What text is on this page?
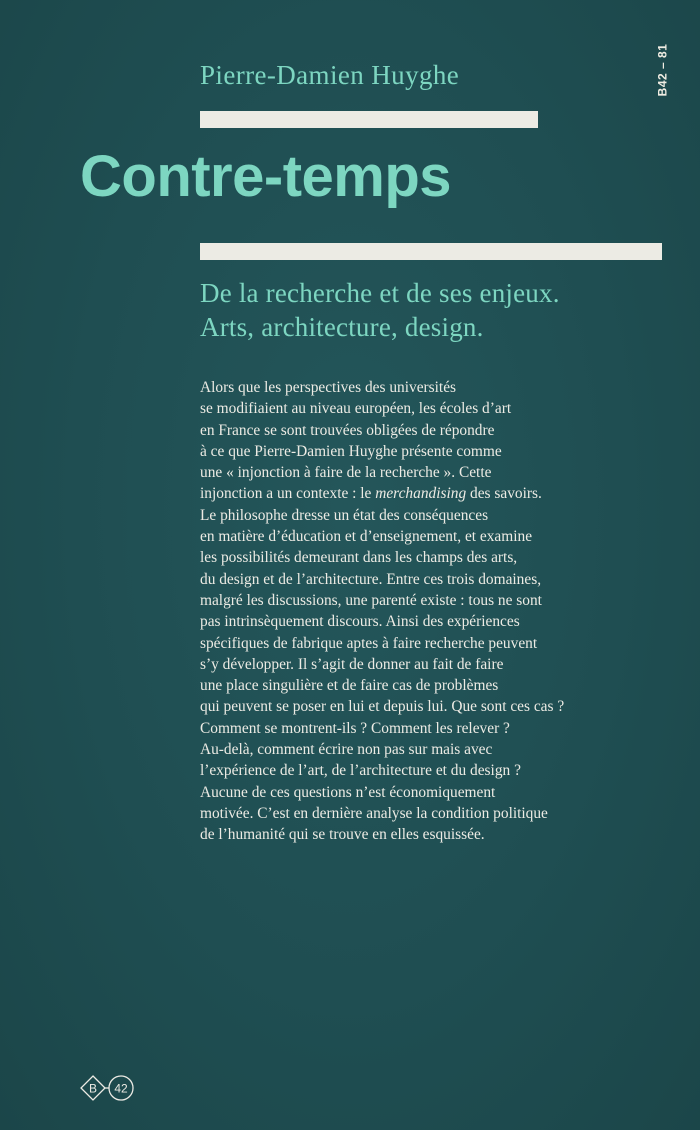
B42 – 81
Pierre-Damien Huyghe
Contre-temps
De la recherche et de ses enjeux.
Arts, architecture, design.
Alors que les perspectives des universités
se modifiaient au niveau européen, les écoles d’art
en France se sont trouvées obligées de répondre
à ce que Pierre-Damien Huyghe présente comme
une « injonction à faire de la recherche ». Cette
injonction a un contexte : le merchandising des savoirs.
Le philosophe dresse un état des conséquences
en matière d’éducation et d’enseignement, et examine
les possibilités demeurant dans les champs des arts,
du design et de l’architecture. Entre ces trois domaines,
malgré les discussions, une parenté existe : tous ne sont
pas intrinsèquement discours. Ainsi des expériences
spécifiques de fabrique aptes à faire recherche peuvent
s’y développer. Il s’agit de donner au fait de faire
une place singulière et de faire cas de problèmes
qui peuvent se poser en lui et depuis lui. Que sont ces cas ?
Comment se montrent-ils ? Comment les relever ?
Au-delà, comment écrire non pas sur mais avec
l’expérience de l’art, de l’architecture et du design ?
Aucune de ces questions n’est économiquement
motivée. C’est en dernière analyse la condition politique
de l’humanité qui se trouve en elles esquissée.
B 42
